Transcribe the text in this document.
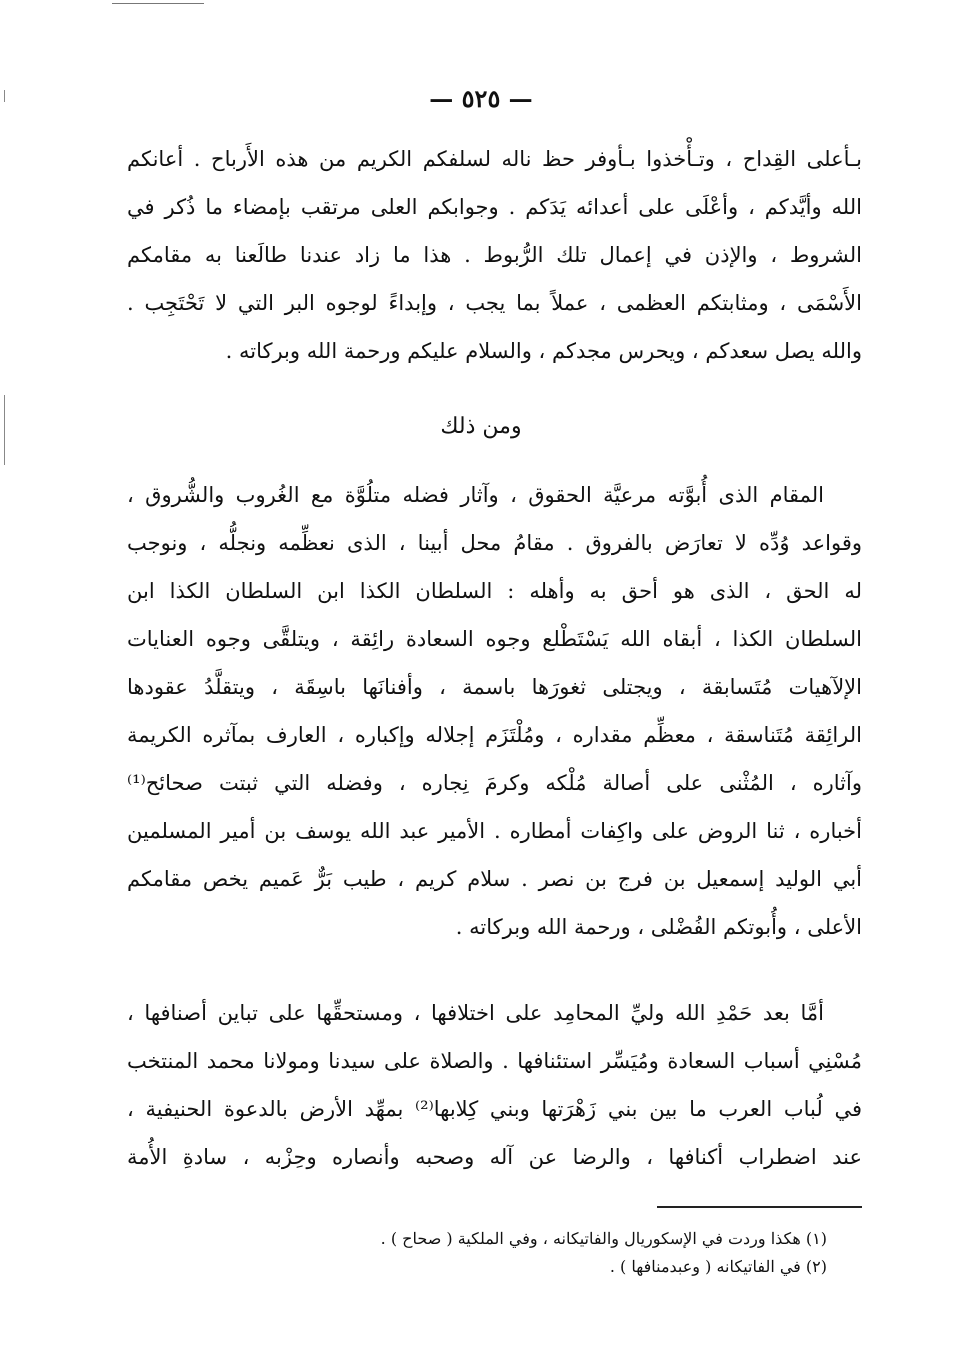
— ٥٢٥ —
بـأعلى القِداح ، وتـأْخذوا بـأوفر حظ ناله لسلفكم الكريم من هذه الأَرباح . أعانكم
الله وأيَّدكم ، وأعْلَى على أعدائه يَدَكم . وجوابكم العلى مرتقب بإمضاء ما ذُكر في
الشروط ، والإذن في إعمال تلك الرُّبوط . هذا ما زاد عندنا طالَعنا به مقامكم
الأَسْمَى ، ومثابتكم العظمى ، عملاً بما يجب ، وإبداءً لوجوه البر التي لا تَحْتَجِب .
والله يصل سعدكم ، ويحرس مجدكم ، والسلام عليكم ورحمة الله وبركاته .
ومن ذلك
المقام الذى أُبوَّته مرعيَّة الحقوق ، وآثار فضله متلُوَّة مع الغُروب والشُّروق ،
وقواعد وُدِّه لا تعارَض بالفروق . مقامُ محل أبينا ، الذى نعظِّمه ونجلُّه ، ونوجب
له الحق ، الذى هو أحق به وأهله : السلطان الكذا ابن السلطان الكذا ابن
السلطان الكذا ، أبقاه الله يَسْتَطْلع وجوه السعادة رائِقة ، ويتلقَّى وجوه العنايات
الإلآهيات مُتَسابقة ، ويجتلى ثغورَها باسمة ، وأفنانَها باسِقَة ، ويتقلَّدُ عقودها
الرائِقة مُتَناسقة ، معظِّم مقداره ، ومُلْتَزَم إجلاله وإكباره ، العارف بمآثره الكريمة
وآثاره ، المُثْنى على أصالة مُلْكه وكرمَ نِجاره ، وفضله التي ثبتت صحائح⁽¹⁾
أخباره ، ثنا الروض على واكِفات أمطاره . الأمير عبد الله يوسف بن أمير المسلمين
أبي الوليد إسمعيل بن فرج بن نصر . سلام كريم ، طيب بَرٌّ عَميم يخص مقامكم
الأعلى ، وأُبوتكم الفُضْلى ، ورحمة الله وبركاته .
أمَّا بعد حَمْدِ الله وليِّ المحامِد على اختلافها ، ومستحقِّها على تباين أصنافها ،
مُسْنِي أسباب السعادة ومُيَسِّر استئنافها . والصلاة على سيدنا ومولانا محمد المنتخب
في لُباب العرب ما بين بني زَهْرَتها وبني كِلابها⁽²⁾ بمهِّد الأرض بالدعوة الحنيفية ،
عند اضطراب أكنافها ، والرضا عن آله وصحبه وأنصاره وحِزْبه ، سادةِ الأُمة
(١) هكذا وردت في الإسكوريال والفاتيكانه ، وفي الملكية ( صحاح ) .
(٢) في الفاتيكانه ( وعبدمنافها ) .
